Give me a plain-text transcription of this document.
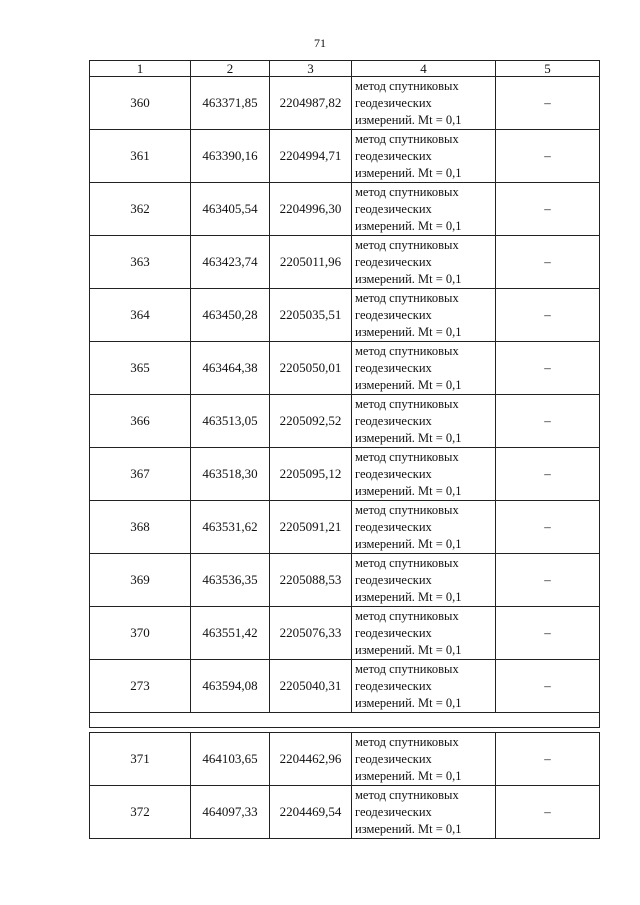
71
1	2	3	4	5
360	463371,85	2204987,82	метод спутниковых
геодезических
измерений. Mt = 0,1	–
361	463390,16	2204994,71	метод спутниковых
геодезических
измерений. Mt = 0,1	–
362	463405,54	2204996,30	метод спутниковых
геодезических
измерений. Mt = 0,1	–
363	463423,74	2205011,96	метод спутниковых
геодезических
измерений. Mt = 0,1	–
364	463450,28	2205035,51	метод спутниковых
геодезических
измерений. Mt = 0,1	–
365	463464,38	2205050,01	метод спутниковых
геодезических
измерений. Mt = 0,1	–
366	463513,05	2205092,52	метод спутниковых
геодезических
измерений. Mt = 0,1	–
367	463518,30	2205095,12	метод спутниковых
геодезических
измерений. Mt = 0,1	–
368	463531,62	2205091,21	метод спутниковых
геодезических
измерений. Mt = 0,1	–
369	463536,35	2205088,53	метод спутниковых
геодезических
измерений. Mt = 0,1	–
370	463551,42	2205076,33	метод спутниковых
геодезических
измерений. Mt = 0,1	–
273	463594,08	2205040,31	метод спутниковых
геодезических
измерений. Mt = 0,1	–

371	464103,65	2204462,96	метод спутниковых
геодезических
измерений. Mt = 0,1	–
372	464097,33	2204469,54	метод спутниковых
геодезических
измерений. Mt = 0,1	–
